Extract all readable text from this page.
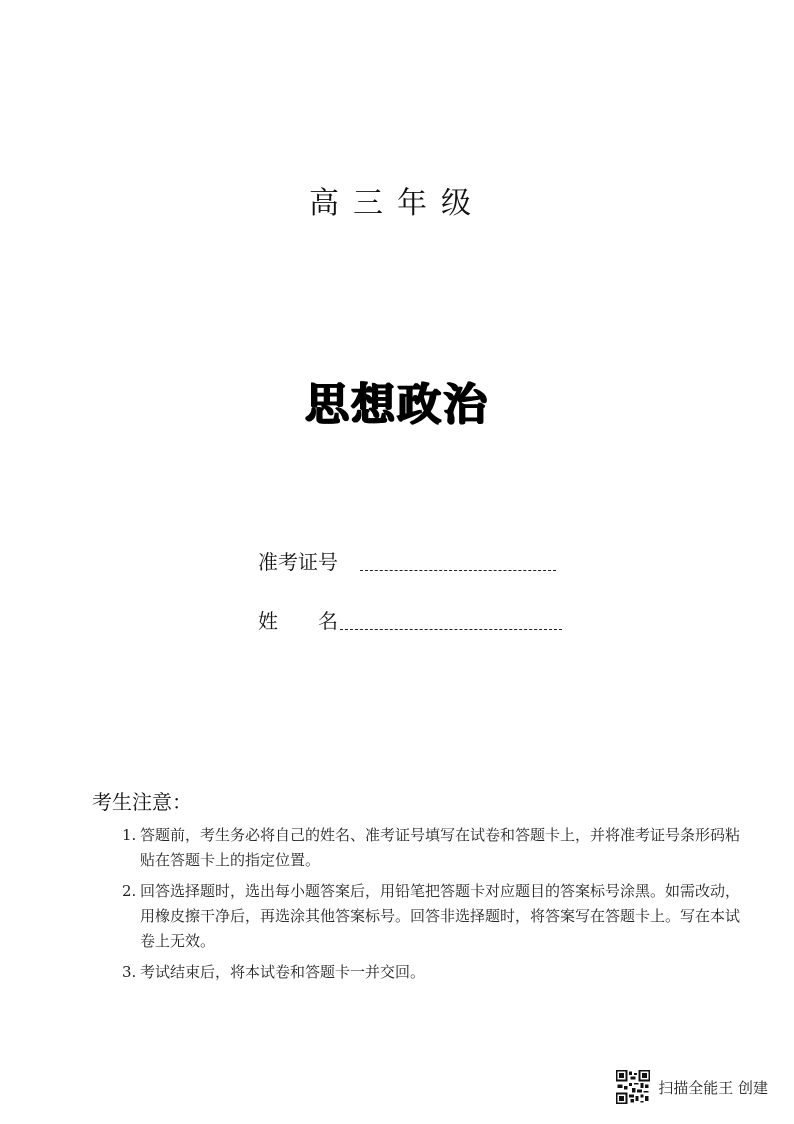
高三年级
思想政治
准考证号
姓　　名
考生注意：
1. 答题前，考生务必将自己的姓名、准考证号填写在试卷和答题卡上，并将准考证号条形码粘贴在答题卡上的指定位置。
2. 回答选择题时，选出每小题答案后，用铅笔把答题卡对应题目的答案标号涂黑。如需改动，用橡皮擦干净后，再选涂其他答案标号。回答非选择题时，将答案写在答题卡上。写在本试卷上无效。
3. 考试结束后，将本试卷和答题卡一并交回。
扫描全能王 创建
